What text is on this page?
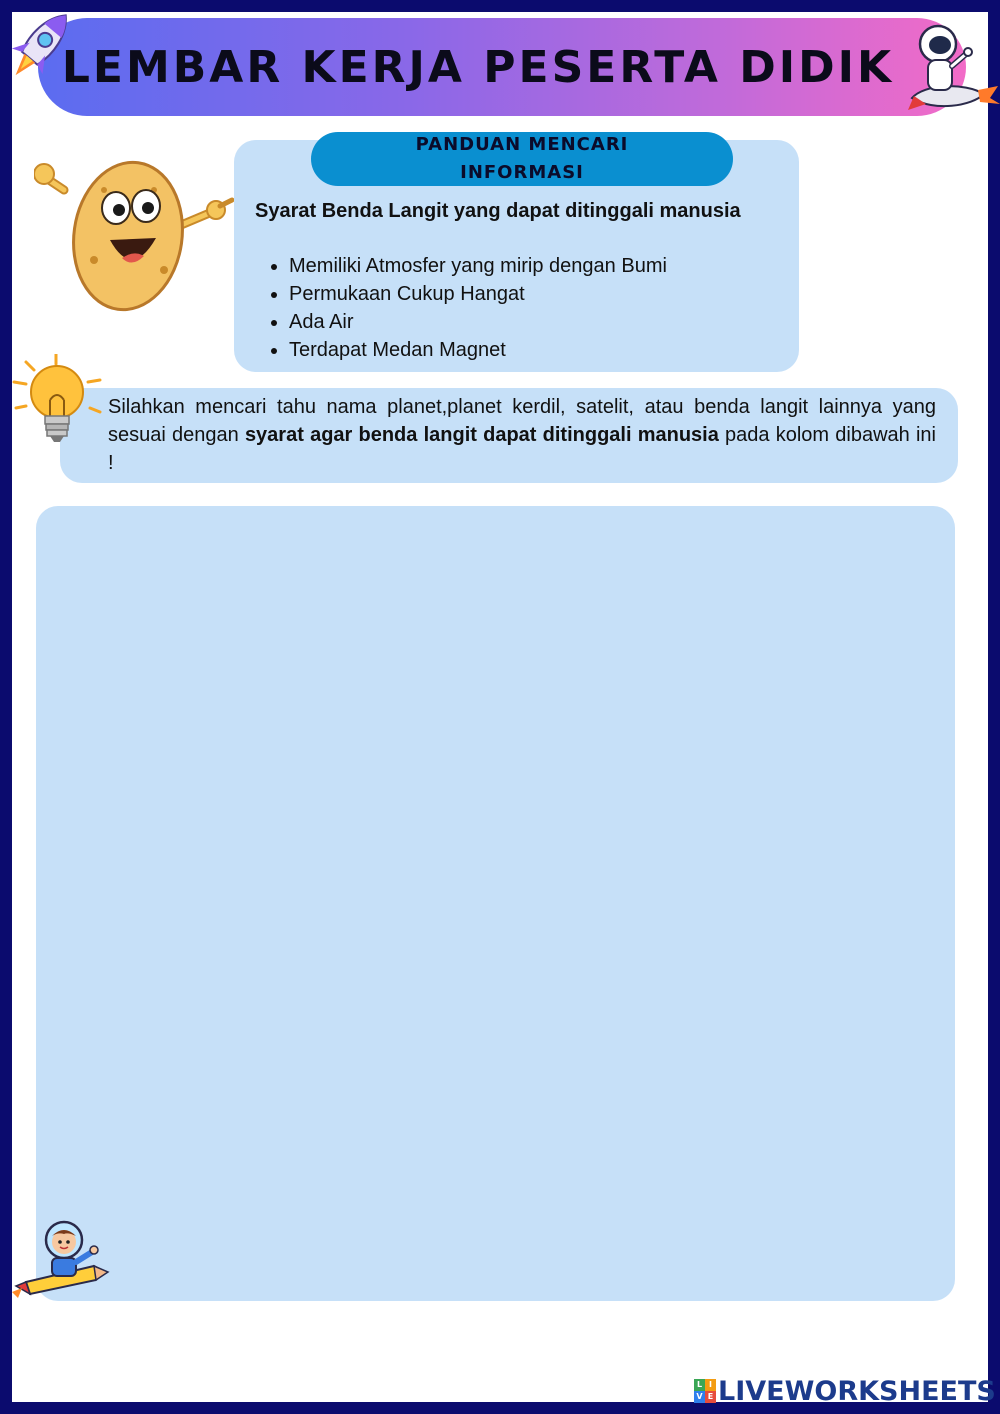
LEMBAR KERJA PESERTA DIDIK
PANDUAN MENCARI INFORMASI
Syarat Benda Langit yang dapat ditinggali manusia
• Memiliki Atmosfer yang mirip dengan Bumi
• Permukaan Cukup Hangat
• Ada Air
• Terdapat Medan Magnet
Silahkan mencari tahu nama planet,planet kerdil, satelit, atau benda langit lainnya yang sesuai dengan syarat agar benda langit dapat ditinggali manusia pada kolom dibawah ini !
L I
V E LIVEWORKSHEETS
